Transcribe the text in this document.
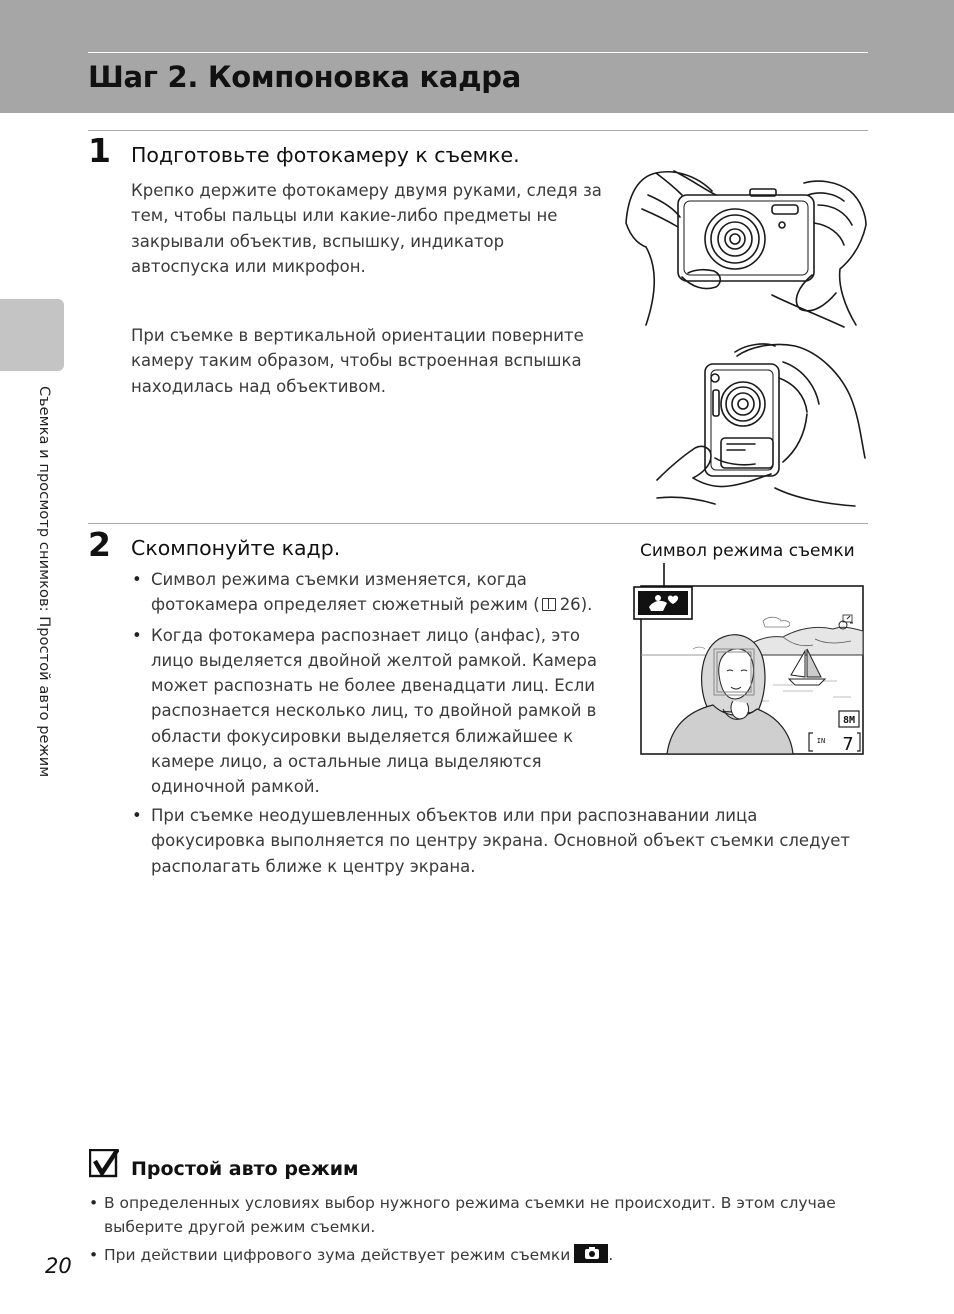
Шаг 2. Компоновка кадра
Съемка и просмотр снимков: Простой авто режим
1 Подготовьте фотокамеру к съемке.

Крепко держите фотокамеру двумя руками, следя за тем, чтобы пальцы или какие-либо предметы не закрывали объектив, вспышку, индикатор автоспуска или микрофон.

При съемке в вертикальной ориентации поверните камеру таким образом, чтобы встроенная вспышка находилась над объективом.

2 Скомпонуйте кадр.
• Символ режима съемки изменяется, когда фотокамера определяет сюжетный режим ( 26).
• Когда фотокамера распознает лицо (анфас), это лицо выделяется двойной желтой рамкой. Камера может распознать не более двенадцати лиц. Если распознается несколько лиц, то двойной рамкой в области фокусировки выделяется ближайшее к камере лицо, а остальные лица выделяются одиночной рамкой.
• При съемке неодушевленных объектов или при распознавании лица фокусировка выполняется по центру экрана. Основной объект съемки следует располагать ближе к центру экрана.
Символ режима съемки
8M
IN 7
Простой авто режим
• В определенных условиях выбор нужного режима съемки не происходит. В этом случае выберите другой режим съемки.
• При действии цифрового зума действует режим съемки .
20
